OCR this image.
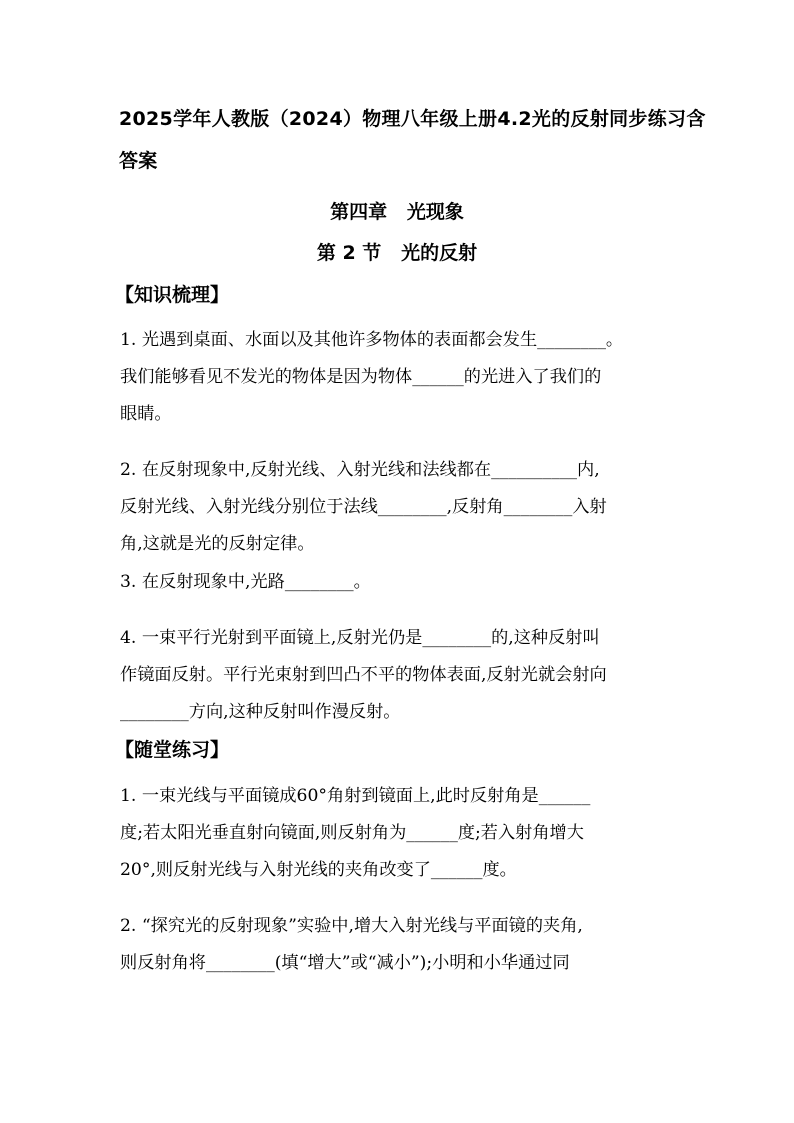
2025学年人教版（2024）物理八年级上册4.2光的反射同步练习含
答案
第四章   光现象
第 2 节   光的反射
【知识梳理】
1. 光遇到桌面、水面以及其他许多物体的表面都会发生________。
我们能够看见不发光的物体是因为物体______的光进入了我们的
眼睛。
2. 在反射现象中,反射光线、入射光线和法线都在__________内,
反射光线、入射光线分别位于法线________,反射角________入射
角,这就是光的反射定律。
3. 在反射现象中,光路________。
4. 一束平行光射到平面镜上,反射光仍是________的,这种反射叫
作镜面反射。平行光束射到凹凸不平的物体表面,反射光就会射向
________方向,这种反射叫作漫反射。
【随堂练习】
1. 一束光线与平面镜成60°角射到镜面上,此时反射角是______
度;若太阳光垂直射向镜面,则反射角为______度;若入射角增大
20°,则反射光线与入射光线的夹角改变了______度。
2. “探究光的反射现象”实验中,增大入射光线与平面镜的夹角,
则反射角将________(填“增大”或“减小”);小明和小华通过同
